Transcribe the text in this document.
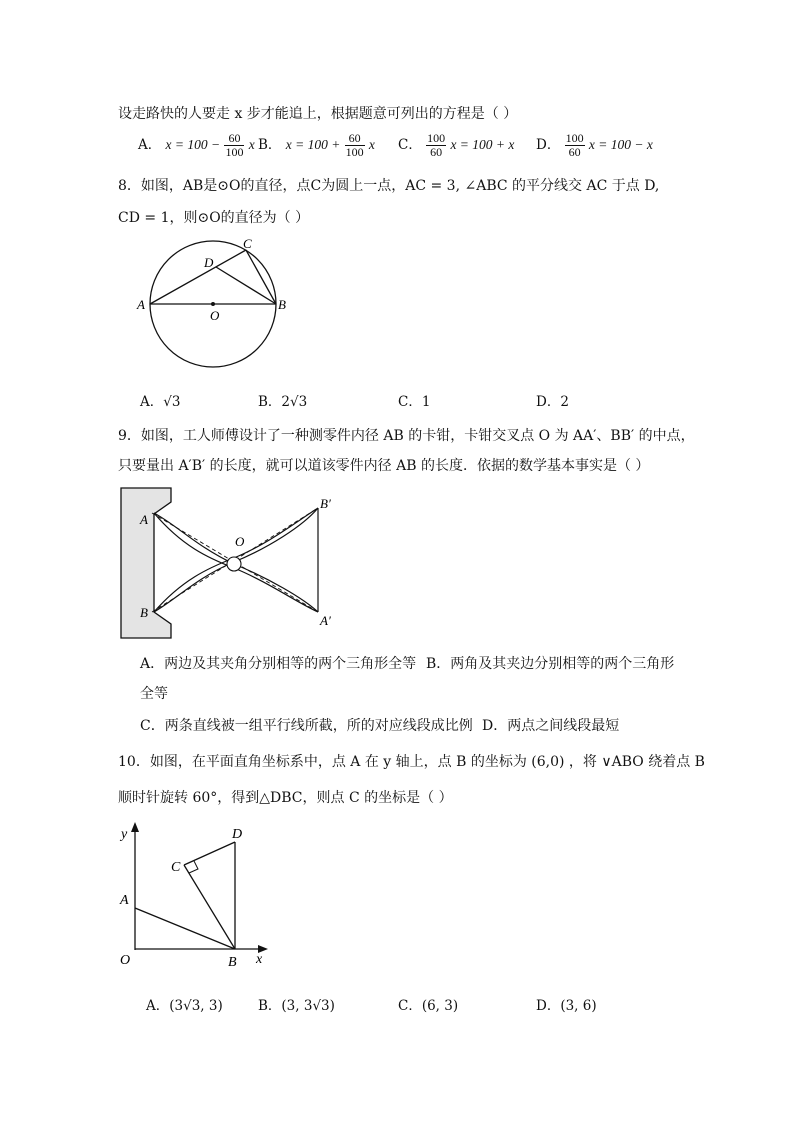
设走路快的人要走 x 步才能追上，根据题意可列出的方程是（ ）
A． $x = 100 - \frac{60}{100}$ x B． $x = 100 + \frac{60}{100}$ x C． $\frac{100}{60}$ x = 100 + x D． $\frac{100}{60}$ x = 100 − x
8．如图，AB是⊙O的直径，点C为圆上一点，AC = 3, ∠ABC 的平分线交 AC 于点 D,
CD = 1，则⊙O的直径为（ ）
A	B
C
D
O
A．√3	B．2√3	C．1	D．2
9．如图，工人师傅设计了一种测零件内径 AB 的卡钳，卡钳交叉点 O 为 AA′、BB′ 的中点，
只要量出 A′B′ 的长度，就可以道该零件内径 AB 的长度．依据的数学基本事实是（ ）
A
B
O
A′
B′
A．两边及其夹角分别相等的两个三角形全等 B．两角及其夹边分别相等的两个三角形
全等
C．两条直线被一组平行线所截，所的对应线段成比例 D．两点之间线段最短
10．如图，在平面直角坐标系中，点 A 在 y 轴上，点 B 的坐标为 (6,0) ，将 ∨ABO 绕着点 B
顺时针旋转 60°，得到△DBC，则点 C 的坐标是（ ）
y
x
O
A
B
C
D
A．(3√3, 3)	B．(3, 3√3)	C．(6, 3)	D．(3, 6)
